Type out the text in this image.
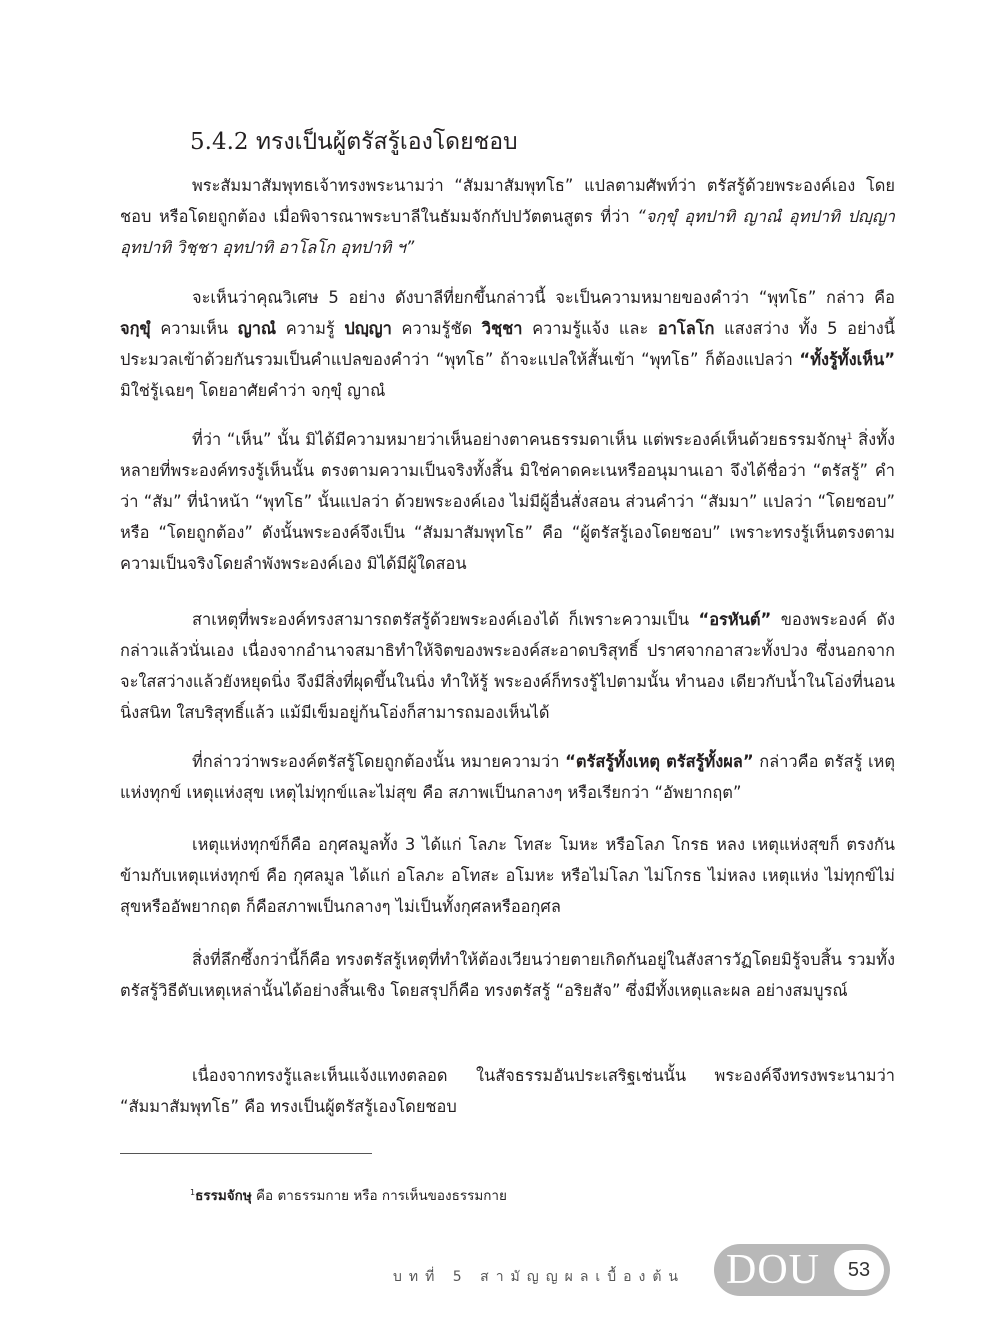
5.4.2 ทรงเป็นผู้ตรัสรู้เองโดยชอบ

พระสัมมาสัมพุทธเจ้าทรงพระนามว่า “สัมมาสัมพุทโธ” แปลตามศัพท์ว่า ตรัสรู้ด้วยพระองค์เอง โดยชอบ หรือโดยถูกต้อง เมื่อพิจารณาพระบาลีในธัมมจักกัปปวัตตนสูตร ที่ว่า “จกฺขุํ อุทปาทิ ญาณํ อุทปาทิ ปญฺญา อุทปาทิ วิชฺชา อุทปาทิ อาโลโก อุทปาทิ ฯ”

จะเห็นว่าคุณวิเศษ 5 อย่าง ดังบาลีที่ยกขึ้นกล่าวนี้ จะเป็นความหมายของคำว่า “พุทโธ” กล่าว คือ จกฺขุํ ความเห็น ญาณํ ความรู้ ปญฺญา ความรู้ชัด วิชฺชา ความรู้แจ้ง และ อาโลโก แสงสว่าง ทั้ง 5 อย่างนี้ ประมวลเข้าด้วยกันรวมเป็นคำแปลของคำว่า “พุทโธ” ถ้าจะแปลให้สั้นเข้า “พุทโธ” ก็ต้องแปลว่า “ทั้งรู้ทั้งเห็น” มิใช่รู้เฉยๆ โดยอาศัยคำว่า จกฺขุํ ญาณํ

ที่ว่า “เห็น” นั้น มิได้มีความหมายว่าเห็นอย่างตาคนธรรมดาเห็น แต่พระองค์เห็นด้วยธรรมจักษุ$^1$ สิ่งทั้งหลายที่พระองค์ทรงรู้เห็นนั้น ตรงตามความเป็นจริงทั้งสิ้น มิใช่คาดคะเนหรืออนุมานเอา จึงได้ชื่อว่า “ตรัสรู้” คำว่า “สัม” ที่นำหน้า “พุทโธ” นั้นแปลว่า ด้วยพระองค์เอง ไม่มีผู้อื่นสั่งสอน ส่วนคำว่า “สัมมา” แปลว่า “โดยชอบ” หรือ “โดยถูกต้อง” ดังนั้นพระองค์จึงเป็น “สัมมาสัมพุทโธ” คือ “ผู้ตรัสรู้เองโดยชอบ” เพราะทรงรู้เห็นตรงตามความเป็นจริงโดยลำพังพระองค์เอง มิได้มีผู้ใดสอน

สาเหตุที่พระองค์ทรงสามารถตรัสรู้ด้วยพระองค์เองได้ ก็เพราะความเป็น “อรหันต์” ของพระองค์ ดังกล่าวแล้วนั่นเอง เนื่องจากอำนาจสมาธิทำให้จิตของพระองค์สะอาดบริสุทธิ์ ปราศจากอาสวะทั้งปวง ซึ่งนอกจากจะใสสว่างแล้วยังหยุดนิ่ง จึงมีสิ่งที่ผุดขึ้นในนิ่ง ทำให้รู้ พระองค์ก็ทรงรู้ไปตามนั้น ทำนอง เดียวกับน้ำในโอ่งที่นอนนิ่งสนิท ใสบริสุทธิ์แล้ว แม้มีเข็มอยู่ก้นโอ่งก็สามารถมองเห็นได้

ที่กล่าวว่าพระองค์ตรัสรู้โดยถูกต้องนั้น หมายความว่า “ตรัสรู้ทั้งเหตุ ตรัสรู้ทั้งผล” กล่าวคือ ตรัสรู้ เหตุแห่งทุกข์ เหตุแห่งสุข เหตุไม่ทุกข์และไม่สุข คือ สภาพเป็นกลางๆ หรือเรียกว่า “อัพยากฤต”

เหตุแห่งทุกข์ก็คือ อกุศลมูลทั้ง 3 ได้แก่ โลภะ โทสะ โมหะ หรือโลภ โกรธ หลง เหตุแห่งสุขก็ ตรงกันข้ามกับเหตุแห่งทุกข์ คือ กุศลมูล ได้แก่ อโลภะ อโทสะ อโมหะ หรือไม่โลภ ไม่โกรธ ไม่หลง เหตุแห่ง ไม่ทุกข์ไม่สุขหรืออัพยากฤต ก็คือสภาพเป็นกลางๆ ไม่เป็นทั้งกุศลหรืออกุศล

สิ่งที่ลึกซึ้งกว่านี้ก็คือ ทรงตรัสรู้เหตุที่ทำให้ต้องเวียนว่ายตายเกิดกันอยู่ในสังสารวัฏโดยมิรู้จบสิ้น รวมทั้งตรัสรู้วิธีดับเหตุเหล่านั้นได้อย่างสิ้นเชิง โดยสรุปก็คือ ทรงตรัสรู้ “อริยสัจ” ซึ่งมีทั้งเหตุและผล อย่างสมบูรณ์

เนื่องจากทรงรู้และเห็นแจ้งแทงตลอด ในสัจธรรมอันประเสริฐเช่นนั้น พระองค์จึงทรงพระนามว่า “สัมมาสัมพุทโธ” คือ ทรงเป็นผู้ตรัสรู้เองโดยชอบ

$^1$ธรรมจักษุ คือ ตาธรรมกาย หรือ การเห็นของธรรมกาย
บทที่ 5 สามัญญผลเบื้องต้น DOU	53
